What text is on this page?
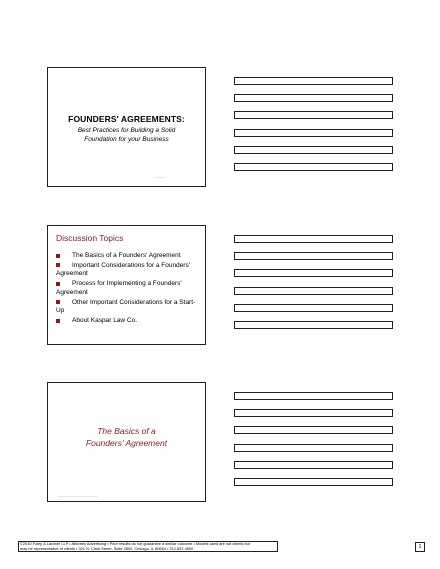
FOUNDERS' AGREEMENTS:
Best Practices for Building a Solid
Foundation for your Business
Discussion Topics
The Basics of a Founders' Agreement
Important Considerations for a Founders' Agreement
Process for Implementing a Founders' Agreement
Other Important Considerations for a Start-Up
About Kaspar Law Co.
The Basics of a
Founders' Agreement
©2010 Foley & Lardner LLP • Attorney Advertising • Prior results do not guarantee a similar outcome • Models used are not clients but
may be representative of clients • 321 N. Clark Street, Suite 2800, Chicago, IL 60654 • 312.832.4500	1
